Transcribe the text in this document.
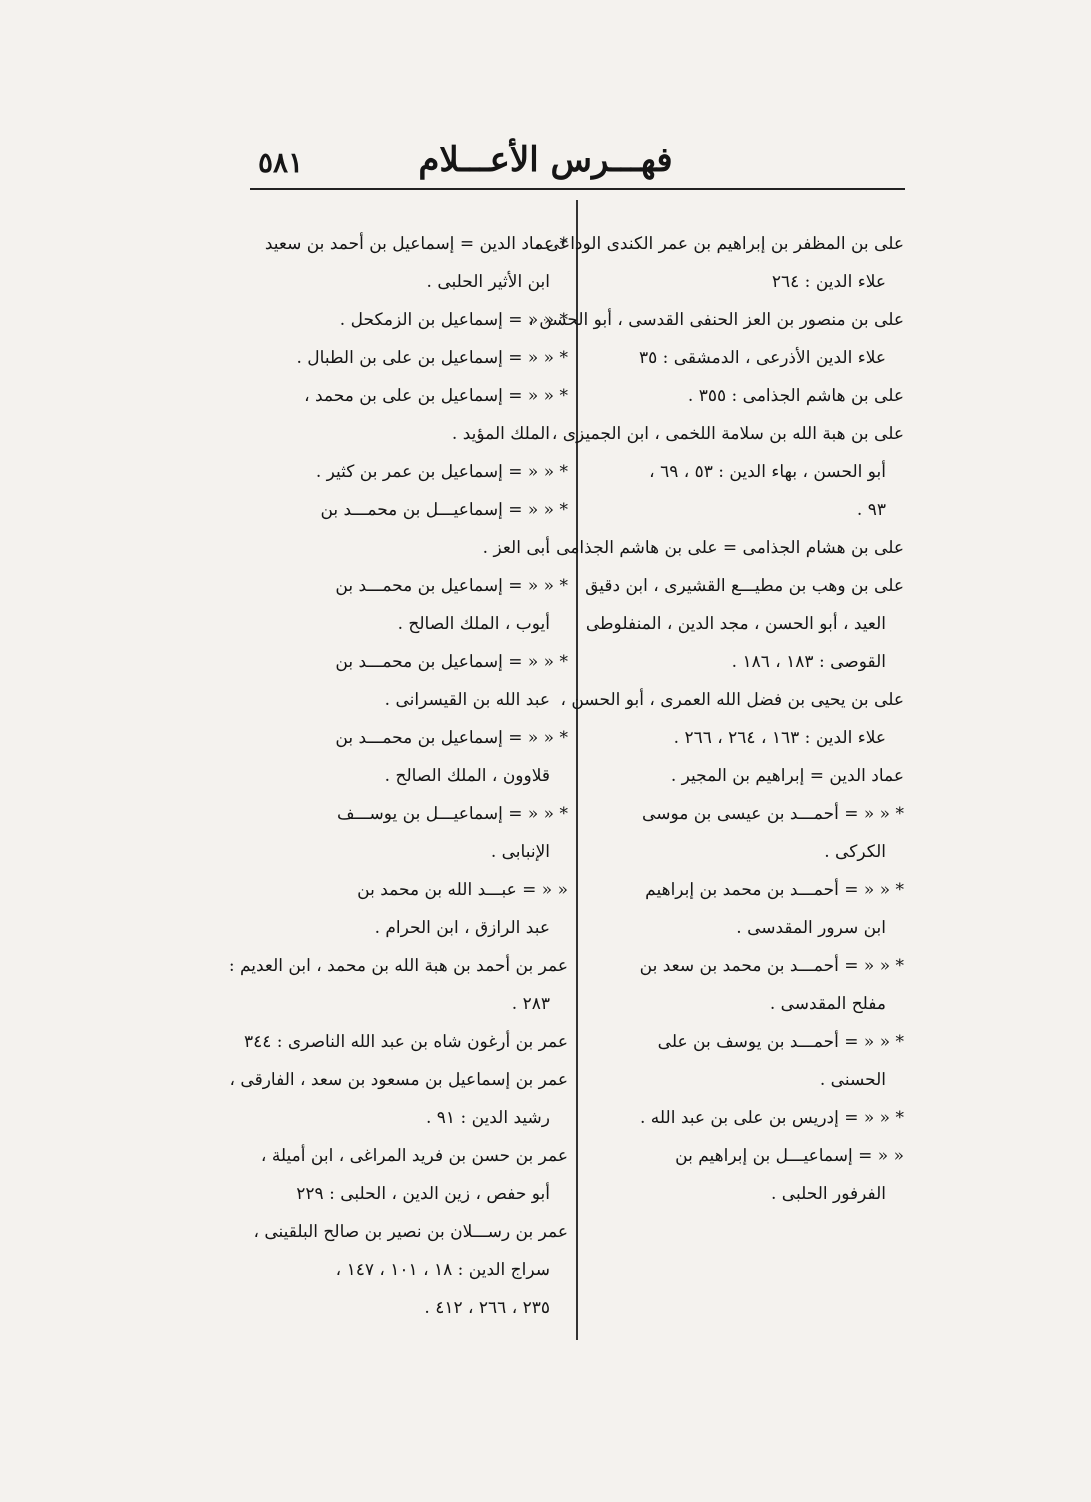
٥٨١	فهـــرس الأعـــلام
على بن المظفر بن إبراهيم بن عمر الكندى الوداعى ،
علاء الدين : ٢٦٤
على بن منصور بن العز الحنفى القدسى ، أبو الحسن ،
علاء الدين الأذرعى ، الدمشقى : ٣٥
على بن هاشم الجذامى : ٣٥٥ .
على بن هبة الله بن سلامة اللخمى ، ابن الجميزى ،
أبو الحسن ، بهاء الدين : ٥٣ ، ٦٩ ،
٩٣ .
على بن هشام الجذامى = على بن هاشم الجذامى .
على بن وهب بن مطيـــع القشيرى ، ابن دقيق
العيد ، أبو الحسن ، مجد الدين ، المنفلوطى
القوصى : ١٨٣ ، ١٨٦ .
على بن يحيى بن فضل الله العمرى ، أبو الحسن ،
علاء الدين : ١٦٣ ، ٢٦٤ ، ٢٦٦ .
عماد الدين = إبراهيم بن المجير .
* « « = أحمـــد بن عيسى بن موسى
الكركى .
* « « = أحمـــد بن محمد بن إبراهيم
ابن سرور المقدسى .
* « « = أحمـــد بن محمد بن سعد بن
مفلح المقدسى .
* « « = أحمـــد بن يوسف بن على
الحسنى .
* « « = إدريس بن على بن عبد الله .
« « = إسماعيـــل بن إبراهيم بن
الفرفور الحلبى .
* عماد الدين = إسماعيل بن أحمد بن سعيد
ابن الأثير الحلبى .
* « « = إسماعيل بن الزمكحل .
* « « = إسماعيل بن على بن الطبال .
* « « = إسماعيل بن على بن محمد ،
الملك المؤيد .
* « « = إسماعيل بن عمر بن كثير .
* « « = إسماعيـــل بن محمـــد بن
أبى العز .
* « « = إسماعيل بن محمـــد بن
أيوب ، الملك الصالح .
* « « = إسماعيل بن محمـــد بن
عبد الله بن القيسرانى .
* « « = إسماعيل بن محمـــد بن
قلاوون ، الملك الصالح .
* « « = إسماعيـــل بن يوســـف
الإنبابى .
« « = عبـــد الله بن محمد بن
عبد الرازق ، ابن الحرام .
عمر بن أحمد بن هبة الله بن محمد ، ابن العديم :
٢٨٣ .
عمر بن أرغون شاه بن عبد الله الناصرى : ٣٤٤
عمر بن إسماعيل بن مسعود بن سعد ، الفارقى ،
رشيد الدين : ٩١ .
عمر بن حسن بن فريد المراغى ، ابن أميلة ،
أبو حفص ، زين الدين ، الحلبى : ٢٢٩
عمر بن رســـلان بن نصير بن صالح البلقينى ،
سراج الدين : ١٨ ، ١٠١ ، ١٤٧ ،
٢٣٥ ، ٢٦٦ ، ٤١٢ .
